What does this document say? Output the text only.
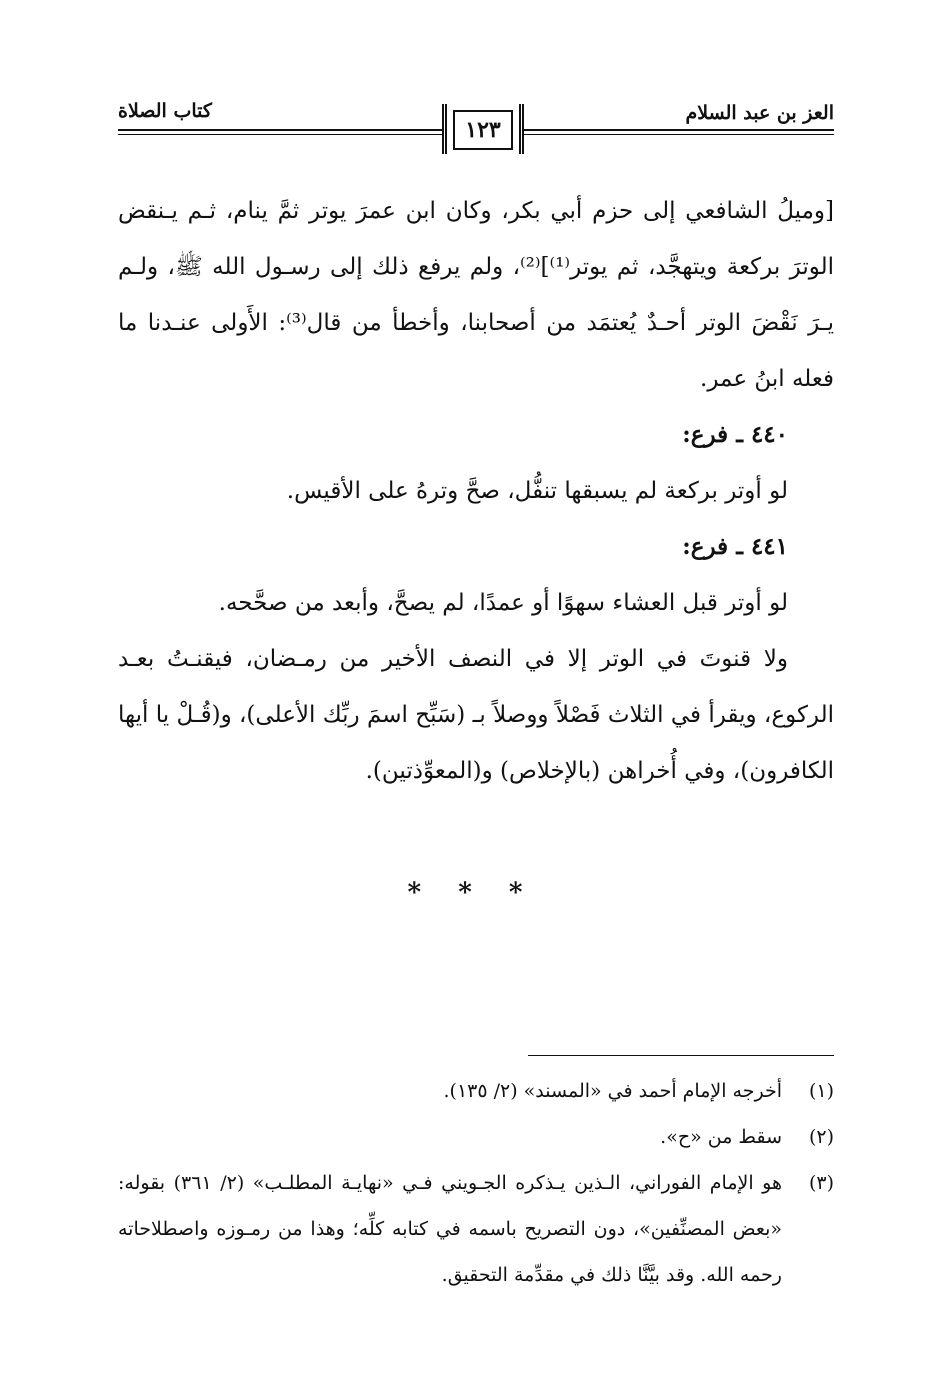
العز بن عبد السلام
كتاب الصلاة
١٢٣

[وميلُ الشافعي إلى حزم أبي بكر، وكان ابن عمرَ يوتر ثمَّ ينام، ثـم يـنقض الوترَ بركعة ويتهجَّد، ثم يوتر⁽¹⁾]⁽²⁾، ولم يرفع ذلك إلى رسـول الله ﷺ، ولـم يـرَ نَقْضَ الوتر أحـدٌ يُعتمَد من أصحابنا، وأخطأ من قال⁽³⁾: الأَولى عنـدنا ما فعله ابنُ عمر.

٤٤٠ ـ فرع:

لو أوتر بركعة لم يسبقها تنفُّل، صحَّ وترهُ على الأقيس.

٤٤١ ـ فرع:

لو أوتر قبل العشاء سهوًا أو عمدًا، لم يصحَّ، وأبعد من صحَّحه.

ولا قنوتَ في الوتر إلا في النصف الأخير من رمـضان، فيقنـتُ بعـد الركوع، ويقرأ في الثلاث فَصْلاً ووصلاً بـ (سَبِّح اسمَ ربِّك الأعلى)، و(قُـلْ يا أيها الكافرون)، وفي أُخراهن (بالإخلاص) و(المعوِّذتين).

* * *
(١)
أخرجه الإمام أحمد في «المسند» (٢/ ١٣٥).
(٢)
سقط من «ح».
(٣)
هو الإمام الفوراني، الـذين يـذكره الجـويني فـي «نهايـة المطلـب» (٢/ ٣٦١) بقوله: «بعض المصنِّفين»، دون التصريح باسمه في كتابه كلِّه؛ وهذا من رمـوزه واصطلاحاته رحمه الله. وقد بيَّنَّا ذلك في مقدِّمة التحقيق.
